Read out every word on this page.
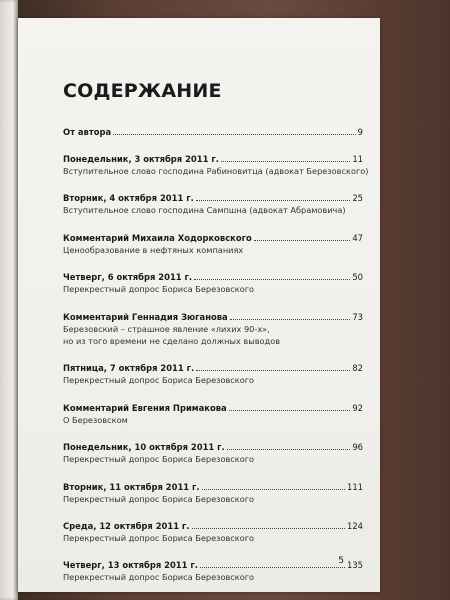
СОДЕРЖАНИЕ
От автора	9
Понедельник, 3 октября 2011 г.	11
Вступительное слово господина Рабиновитца (адвокат Березовского)
Вторник, 4 октября 2011 г.	25
Вступительное слово господина Сампшна (адвокат Абрамовича)
Комментарий Михаила Ходорковского	47
Ценообразование в нефтяных компаниях
Четверг, 6 октября 2011 г.	50
Перекрестный допрос Бориса Березовского
Комментарий Геннадия Зюганова	73
Березовский – страшное явление «лихих 90-х»,
но из того времени не сделано должных выводов
Пятница, 7 октября 2011 г.	82
Перекрестный допрос Бориса Березовского
Комментарий Евгения Примакова	92
О Березовском
Понедельник, 10 октября 2011 г.	96
Перекрестный допрос Бориса Березовского
Вторник, 11 октября 2011 г.	111
Перекрестный допрос Бориса Березовского
Среда, 12 октября 2011 г.	124
Перекрестный допрос Бориса Березовского
Четверг, 13 октября 2011 г.	135
Перекрестный допрос Бориса Березовского
5
